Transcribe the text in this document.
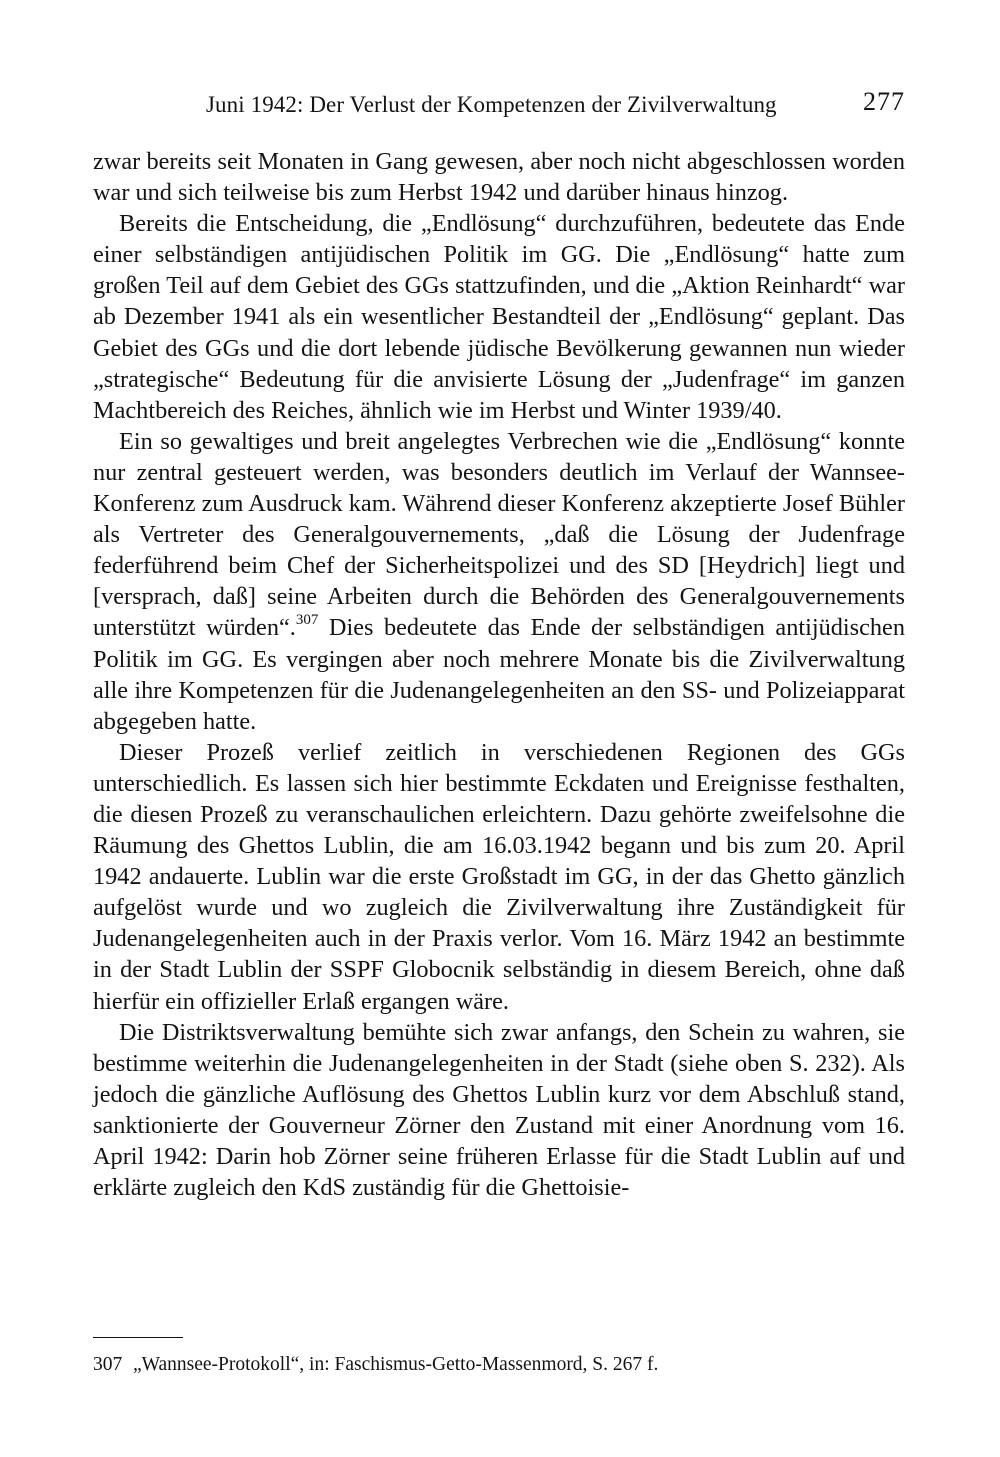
Juni 1942: Der Verlust der Kompetenzen der Zivilverwaltung	277

zwar bereits seit Monaten in Gang gewesen, aber noch nicht abgeschlossen worden war und sich teilweise bis zum Herbst 1942 und darüber hinaus hinzog.

Bereits die Entscheidung, die „Endlösung“ durchzuführen, bedeutete das Ende einer selbständigen antijüdischen Politik im GG. Die „Endlösung“ hatte zum großen Teil auf dem Gebiet des GGs stattzufinden, und die „Aktion Reinhardt“ war ab Dezember 1941 als ein wesentlicher Bestandteil der „Endlösung“ geplant. Das Gebiet des GGs und die dort lebende jüdische Bevölkerung gewannen nun wieder „strategische“ Bedeutung für die anvisierte Lösung der „Judenfrage“ im ganzen Machtbereich des Reiches, ähnlich wie im Herbst und Winter 1939/40.

Ein so gewaltiges und breit angelegtes Verbrechen wie die „Endlösung“ konnte nur zentral gesteuert werden, was besonders deutlich im Verlauf der Wannsee-Konferenz zum Ausdruck kam. Während dieser Konferenz akzeptierte Josef Bühler als Vertreter des Generalgouvernements, „daß die Lösung der Judenfrage federführend beim Chef der Sicherheitspolizei und des SD [Heydrich] liegt und [versprach, daß] seine Arbeiten durch die Behörden des Generalgouvernements unterstützt würden“.$^{307}$ Dies bedeutete das Ende der selbständigen antijüdischen Politik im GG. Es vergingen aber noch mehrere Monate bis die Zivilverwaltung alle ihre Kompetenzen für die Judenangelegenheiten an den SS- und Polizeiapparat abgegeben hatte.

Dieser Prozeß verlief zeitlich in verschiedenen Regionen des GGs unterschiedlich. Es lassen sich hier bestimmte Eckdaten und Ereignisse festhalten, die diesen Prozeß zu veranschaulichen erleichtern. Dazu gehörte zweifelsohne die Räumung des Ghettos Lublin, die am 16.03.1942 begann und bis zum 20. April 1942 andauerte. Lublin war die erste Großstadt im GG, in der das Ghetto gänzlich aufgelöst wurde und wo zugleich die Zivilverwaltung ihre Zuständigkeit für Judenangelegenheiten auch in der Praxis verlor. Vom 16. März 1942 an bestimmte in der Stadt Lublin der SSPF Globocnik selbständig in diesem Bereich, ohne daß hierfür ein offizieller Erlaß ergangen wäre.

Die Distriktsverwaltung bemühte sich zwar anfangs, den Schein zu wahren, sie bestimme weiterhin die Judenangelegenheiten in der Stadt (siehe oben S. 232). Als jedoch die gänzliche Auflösung des Ghettos Lublin kurz vor dem Abschluß stand, sanktionierte der Gouverneur Zörner den Zustand mit einer Anordnung vom 16. April 1942: Darin hob Zörner seine früheren Erlasse für die Stadt Lublin auf und erklärte zugleich den KdS zuständig für die Ghettoisie-

307 „Wannsee-Protokoll“, in: Faschismus-Getto-Massenmord, S. 267 f.
